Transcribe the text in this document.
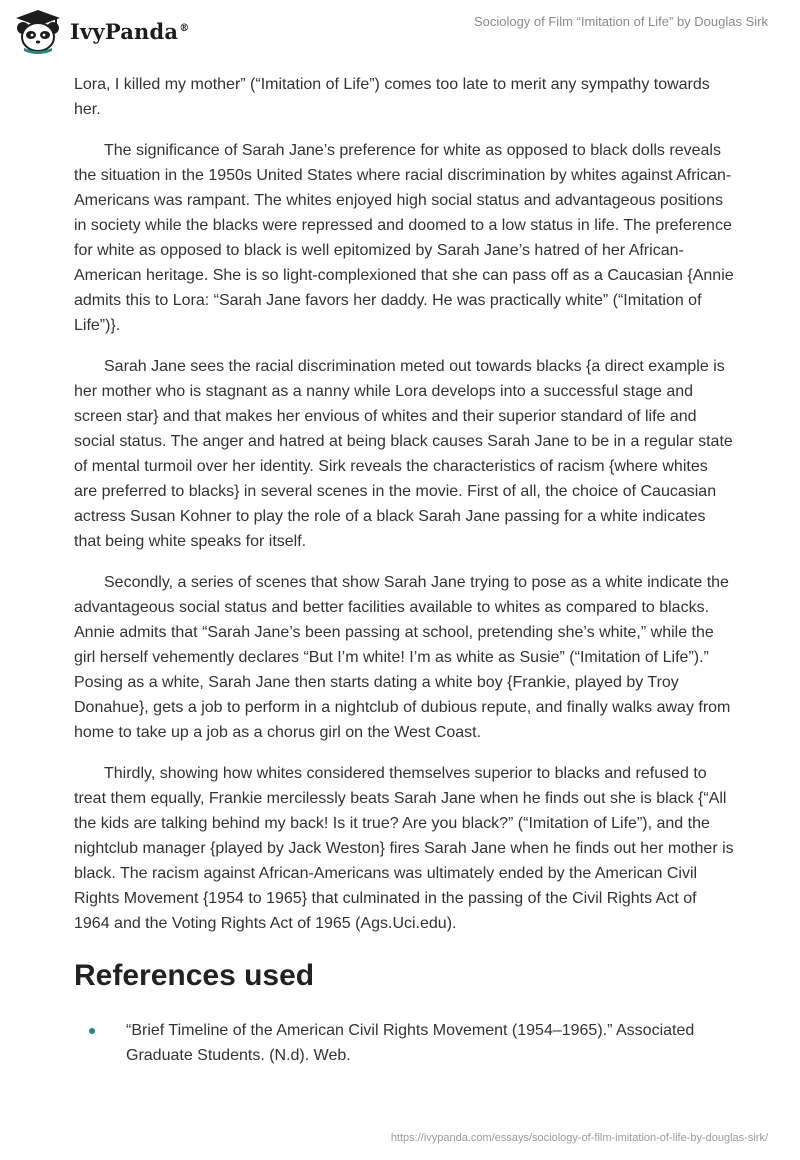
IvyPanda®	Sociology of Film “Imitation of Life” by Douglas Sirk

Lora, I killed my mother” (“Imitation of Life”) comes too late to merit any sympathy towards her.

The significance of Sarah Jane’s preference for white as opposed to black dolls reveals the situation in the 1950s United States where racial discrimination by whites against African-Americans was rampant. The whites enjoyed high social status and advantageous positions in society while the blacks were repressed and doomed to a low status in life. The preference for white as opposed to black is well epitomized by Sarah Jane’s hatred of her African-American heritage. She is so light-complexioned that she can pass off as a Caucasian {Annie admits this to Lora: “Sarah Jane favors her daddy. He was practically white” (“Imitation of Life”)}.

Sarah Jane sees the racial discrimination meted out towards blacks {a direct example is her mother who is stagnant as a nanny while Lora develops into a successful stage and screen star} and that makes her envious of whites and their superior standard of life and social status. The anger and hatred at being black causes Sarah Jane to be in a regular state of mental turmoil over her identity. Sirk reveals the characteristics of racism {where whites are preferred to blacks} in several scenes in the movie. First of all, the choice of Caucasian actress Susan Kohner to play the role of a black Sarah Jane passing for a white indicates that being white speaks for itself.

Secondly, a series of scenes that show Sarah Jane trying to pose as a white indicate the advantageous social status and better facilities available to whites as compared to blacks. Annie admits that “Sarah Jane’s been passing at school, pretending she’s white,” while the girl herself vehemently declares “But I’m white! I’m as white as Susie” (“Imitation of Life”).” Posing as a white, Sarah Jane then starts dating a white boy {Frankie, played by Troy Donahue}, gets a job to perform in a nightclub of dubious repute, and finally walks away from home to take up a job as a chorus girl on the West Coast.

Thirdly, showing how whites considered themselves superior to blacks and refused to treat them equally, Frankie mercilessly beats Sarah Jane when he finds out she is black {“All the kids are talking behind my back! Is it true? Are you black?” (“Imitation of Life”), and the nightclub manager {played by Jack Weston} fires Sarah Jane when he finds out her mother is black. The racism against African-Americans was ultimately ended by the American Civil Rights Movement {1954 to 1965} that culminated in the passing of the Civil Rights Act of 1964 and the Voting Rights Act of 1965 (Ags.Uci.edu).

References used
“Brief Timeline of the American Civil Rights Movement (1954–1965).” Associated Graduate Students. (N.d). Web.
https://ivypanda.com/essays/sociology-of-film-imitation-of-life-by-douglas-sirk/
